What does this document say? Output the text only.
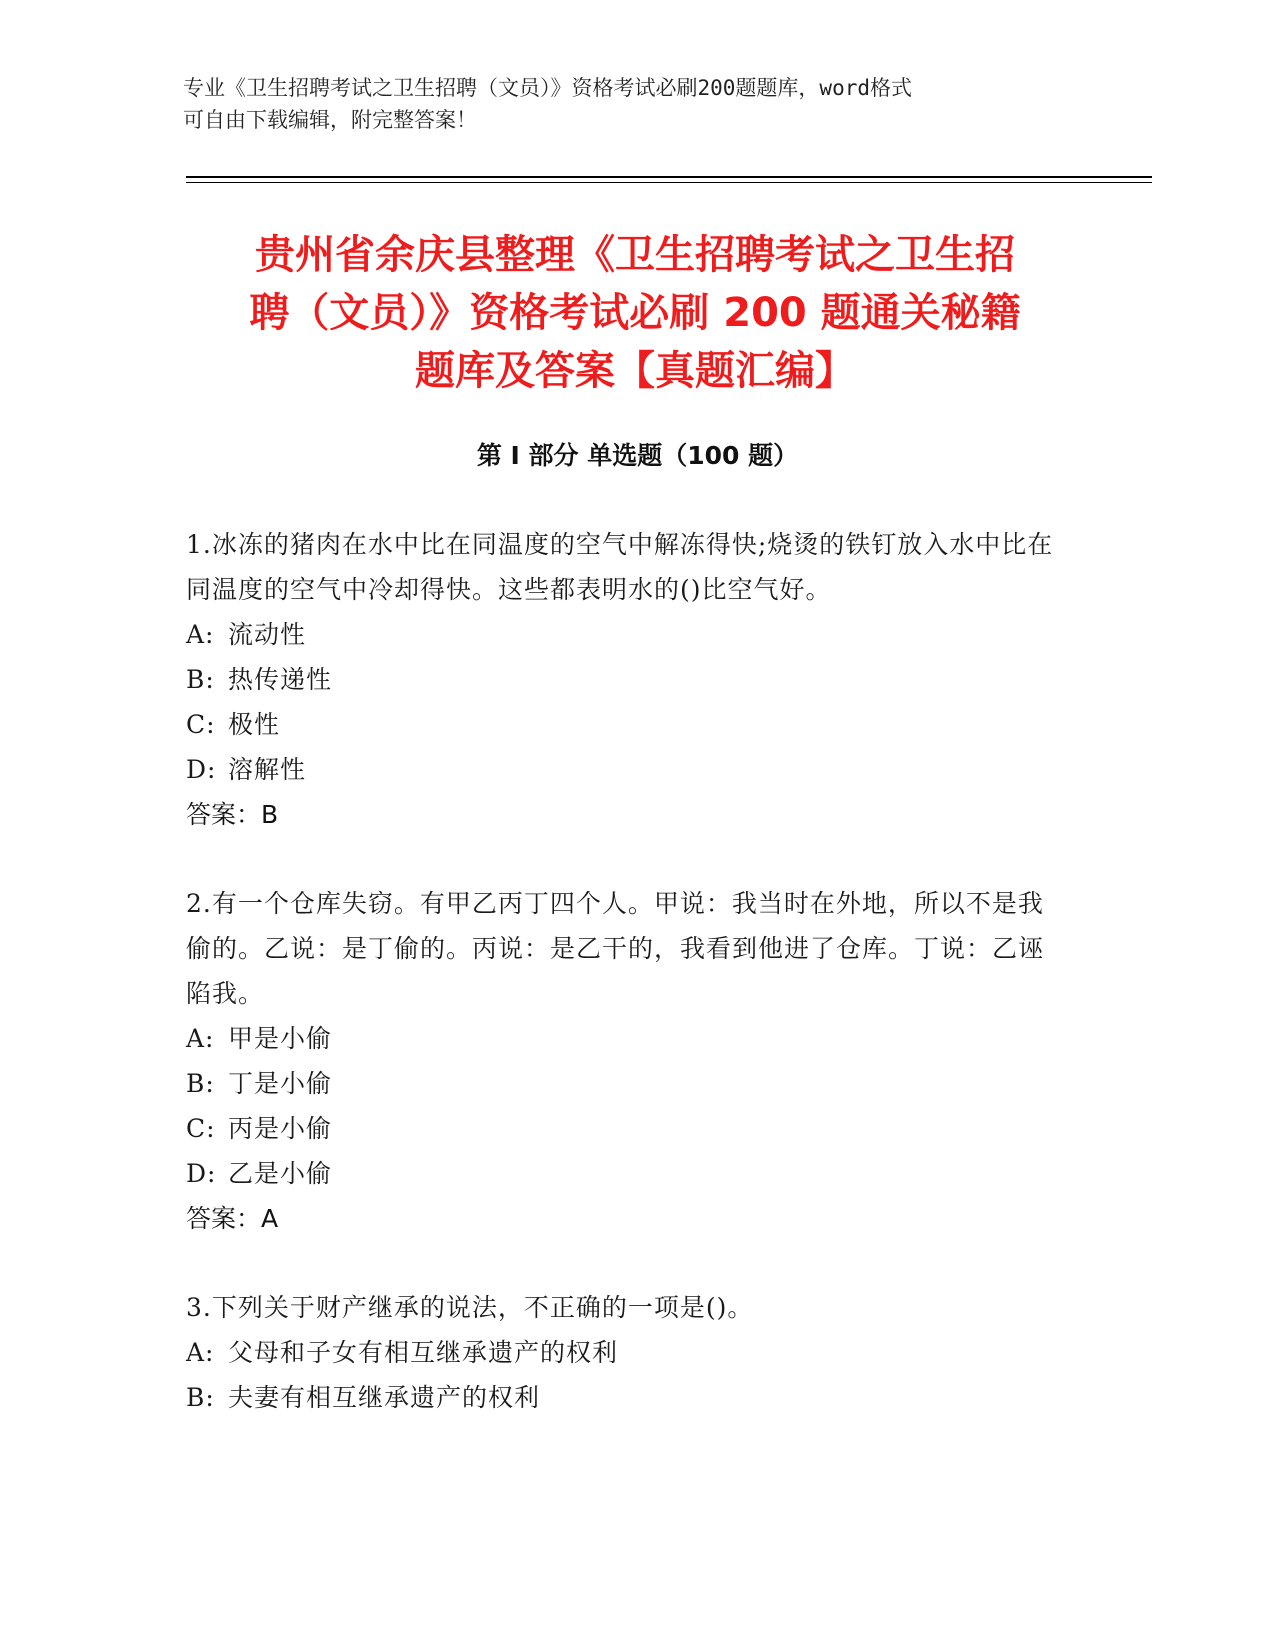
专业《卫生招聘考试之卫生招聘（文员）》资格考试必刷200题题库，word格式
可自由下载编辑，附完整答案！
贵州省余庆县整理《卫生招聘考试之卫生招
聘（文员）》资格考试必刷 200 题通关秘籍
题库及答案【真题汇编】
第 I 部分 单选题（100 题）

1.冰冻的猪肉在水中比在同温度的空气中解冻得快;烧烫的铁钉放入水中比在同温度的空气中冷却得快。这些都表明水的()比空气好。

A: 流动性

B: 热传递性

C: 极性

D: 溶解性

答案：B

2.有一个仓库失窃。有甲乙丙丁四个人。甲说：我当时在外地，所以不是我偷的。乙说：是丁偷的。丙说：是乙干的，我看到他进了仓库。丁说：乙诬陷我。

A: 甲是小偷

B: 丁是小偷

C: 丙是小偷

D: 乙是小偷

答案：A

3.下列关于财产继承的说法，不正确的一项是()。

A: 父母和子女有相互继承遗产的权利

B: 夫妻有相互继承遗产的权利
